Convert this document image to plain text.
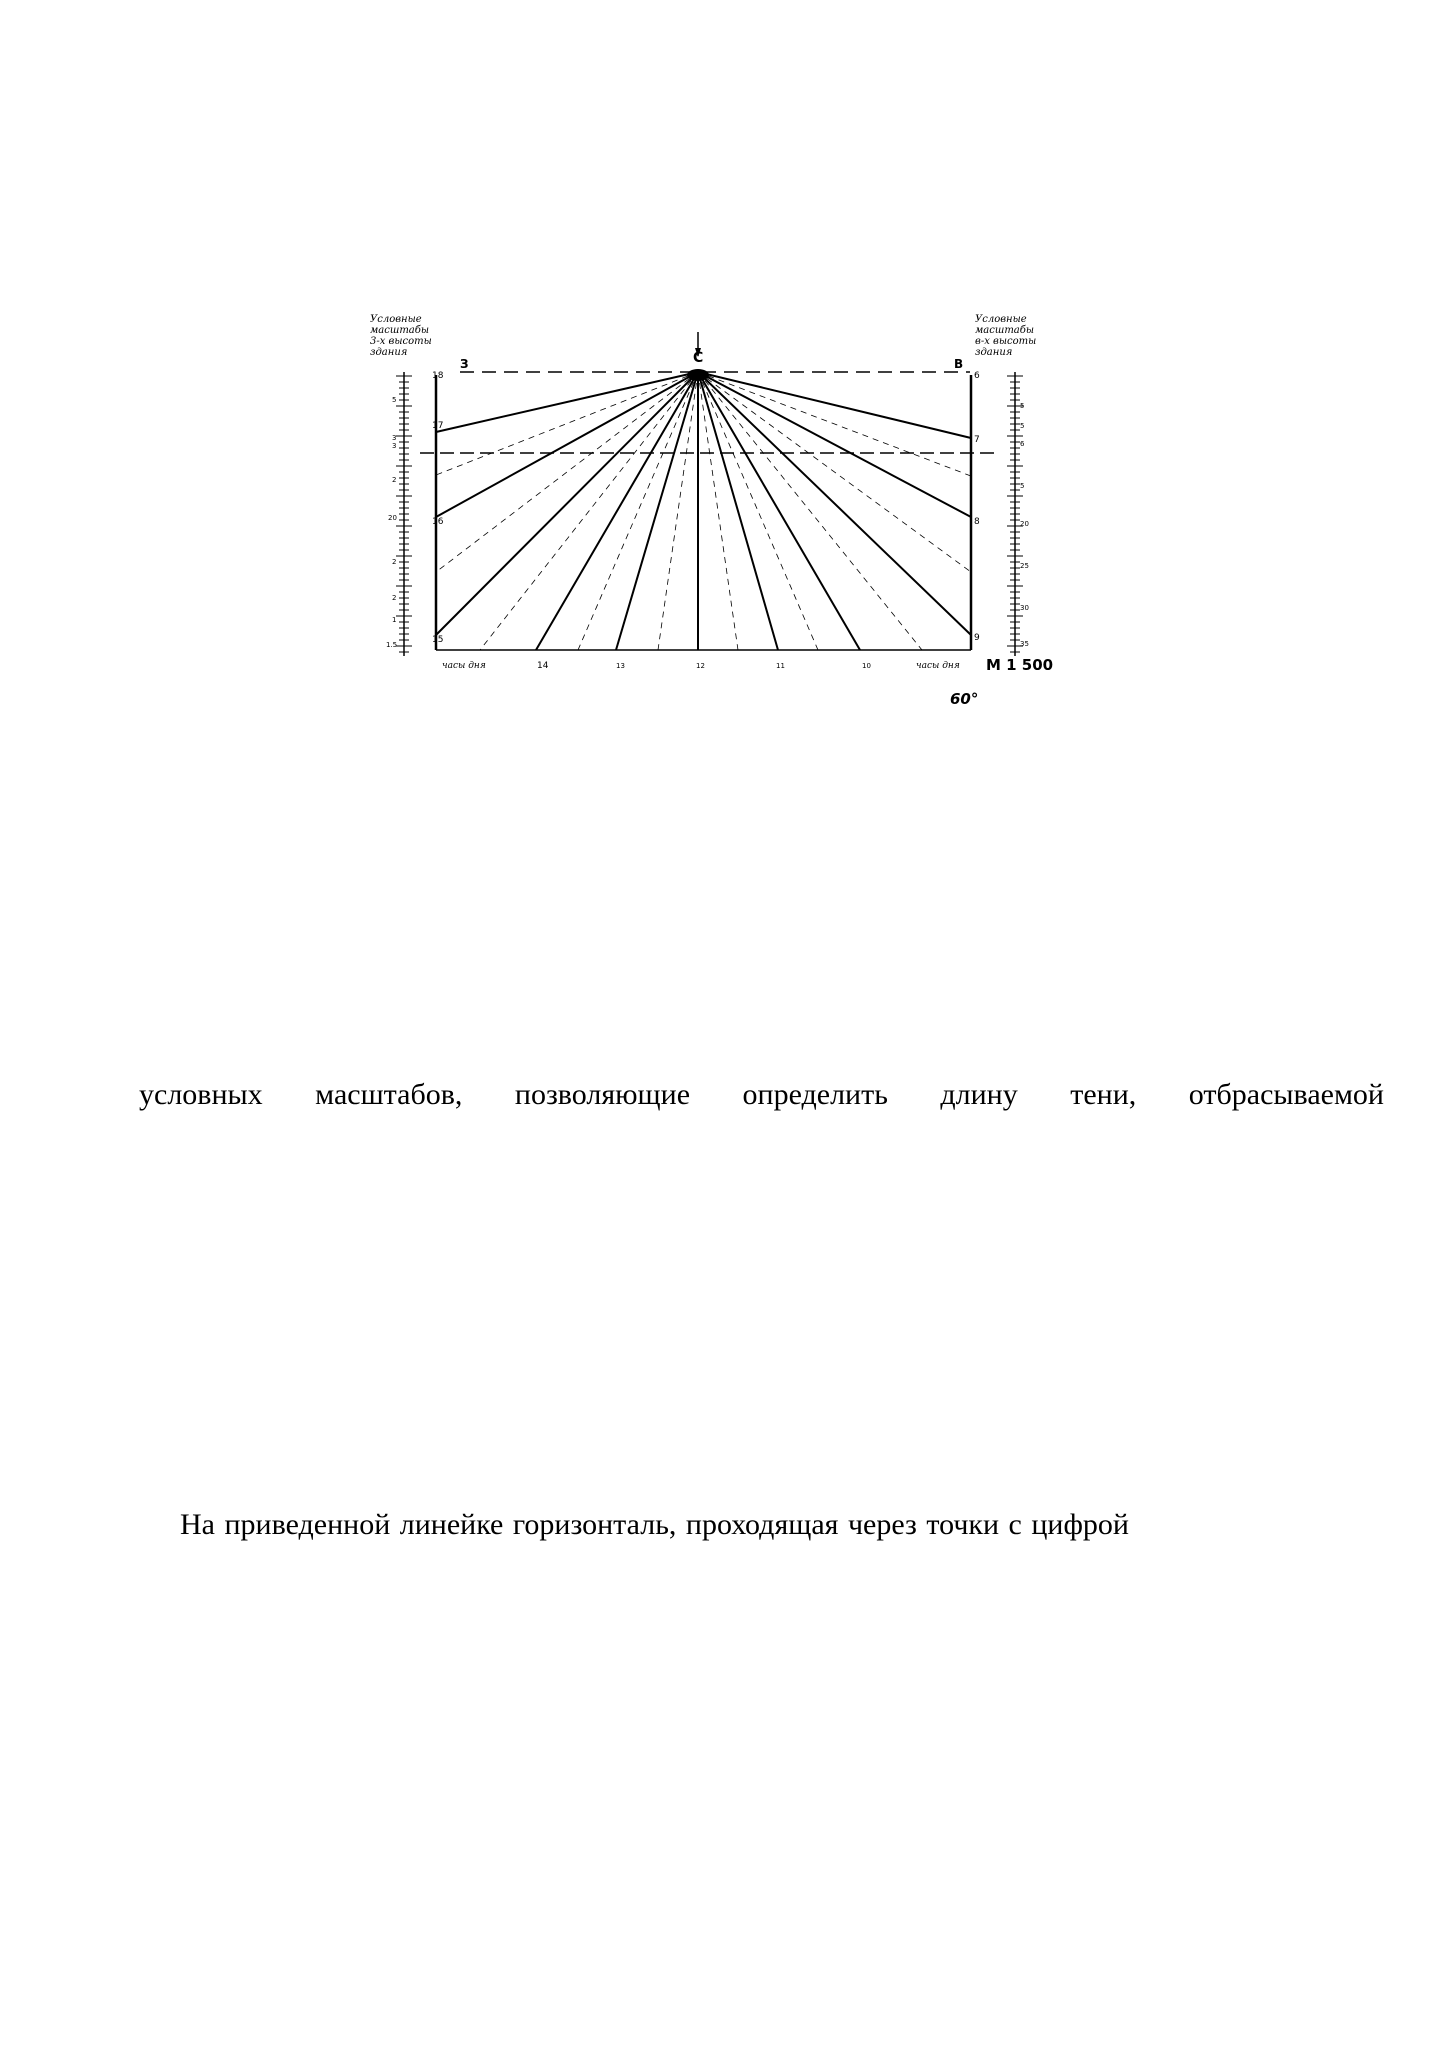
Условные
масштабы
3-х высоты
здания
Условные
масштабы
в-х высоты
здания
С
З	В
18
17
16
15
6
7
8
9
5
3
3
2
20
2
2
1
1.5
5
5
6
5
20
25
30
35
14	13	12	11	10
часы дня	часы дня М 1 500
60°
условных масштабов, позволяющие определить длину тени, отбрасываемой
На приведенной линейке горизонталь, проходящая через точки с цифрой
